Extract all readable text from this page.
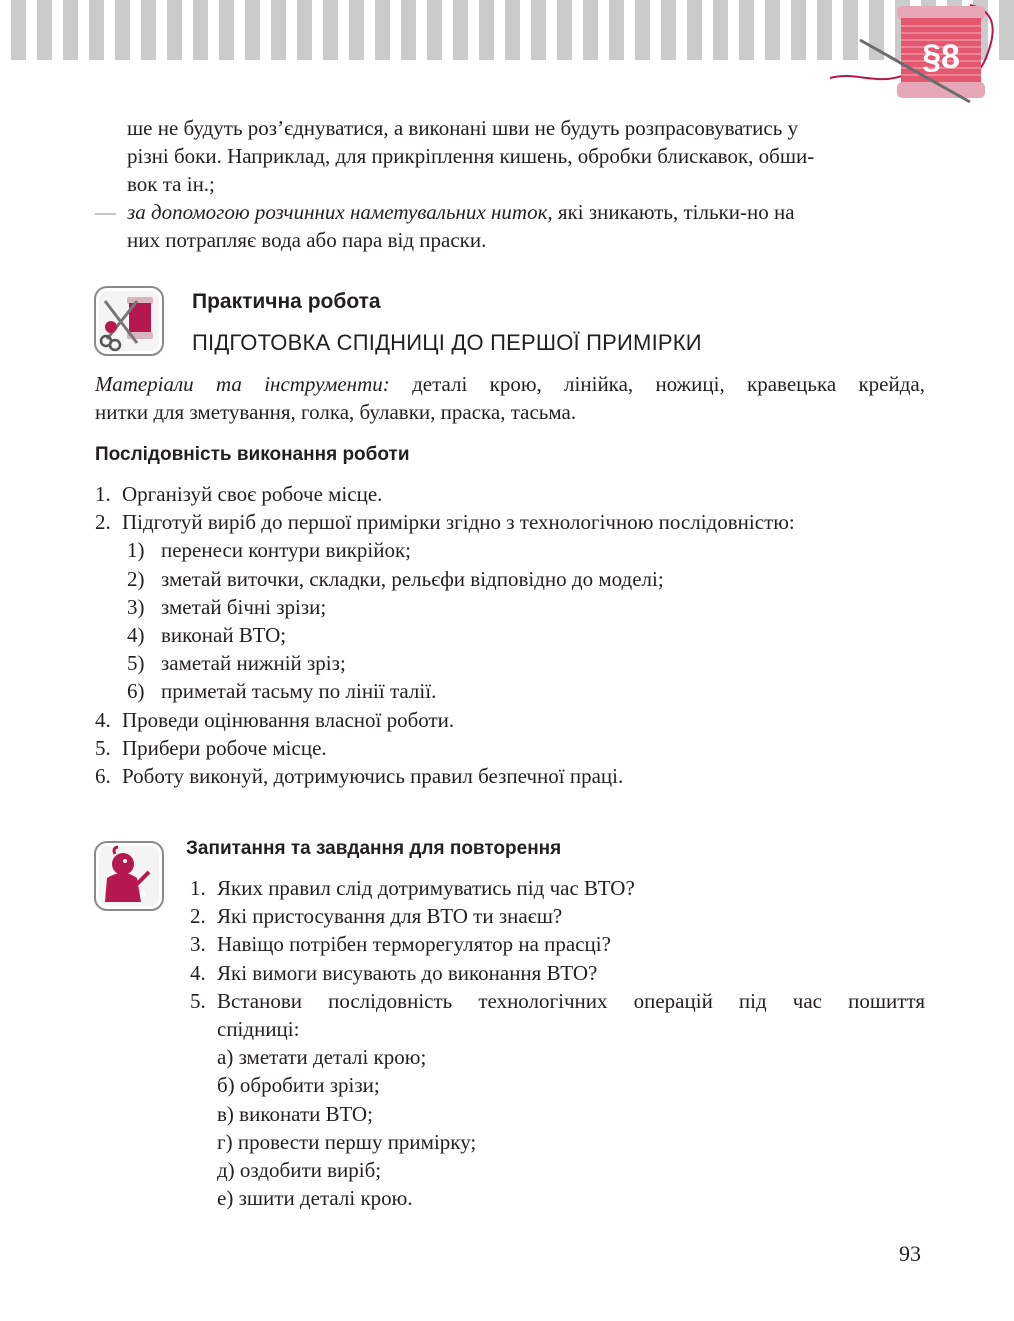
§8

ше не будуть роз’єднуватися, а виконані шви не будуть розпрасовуватись у

різні боки. Наприклад, для прикріплення кишень, обробки блискавок, обши-

вок та ін.;

— за допомогою розчинних наметувальних ниток, які зникають, тільки-но на

них потрапляє вода або пара від праски.

Практична робота
ПІДГОТОВКА СПІДНИЦІ ДО ПЕРШОЇ ПРИМІРКИ

Матеріали та інструменти: деталі крою, лінійка, ножиці, кравецька крейда,

нитки для зметування, голка, булавки, праска, тасьма.

Послідовність виконання роботи
1. Організуй своє робоче місце.
2. Підготуй виріб до першої примірки згідно з технологічною послідовністю:
1) перенеси контури викрійок;
2) зметай виточки, складки, рельєфи відповідно до моделі;
3) зметай бічні зрізи;
4) виконай ВТО;
5) заметай нижній зріз;
6) приметай тасьму по лінії талії.
4. Проведи оцінювання власної роботи.
5. Прибери робоче місце.
6. Роботу виконуй, дотримуючись правил безпечної праці.
Запитання та завдання для повторення
1. Яких правил слід дотримуватись під час ВТО?
2. Які пристосування для ВТО ти знаєш?
3. Навіщо потрібен терморегулятор на прасці?
4. Які вимоги висувають до виконання ВТО?
5. Встанови послідовність технологічних операцій під час пошиття
спідниці:
а) зметати деталі крою;
б) обробити зрізи;
в) виконати ВТО;
г) провести першу примірку;
д) оздобити виріб;
е) зшити деталі крою.
93
